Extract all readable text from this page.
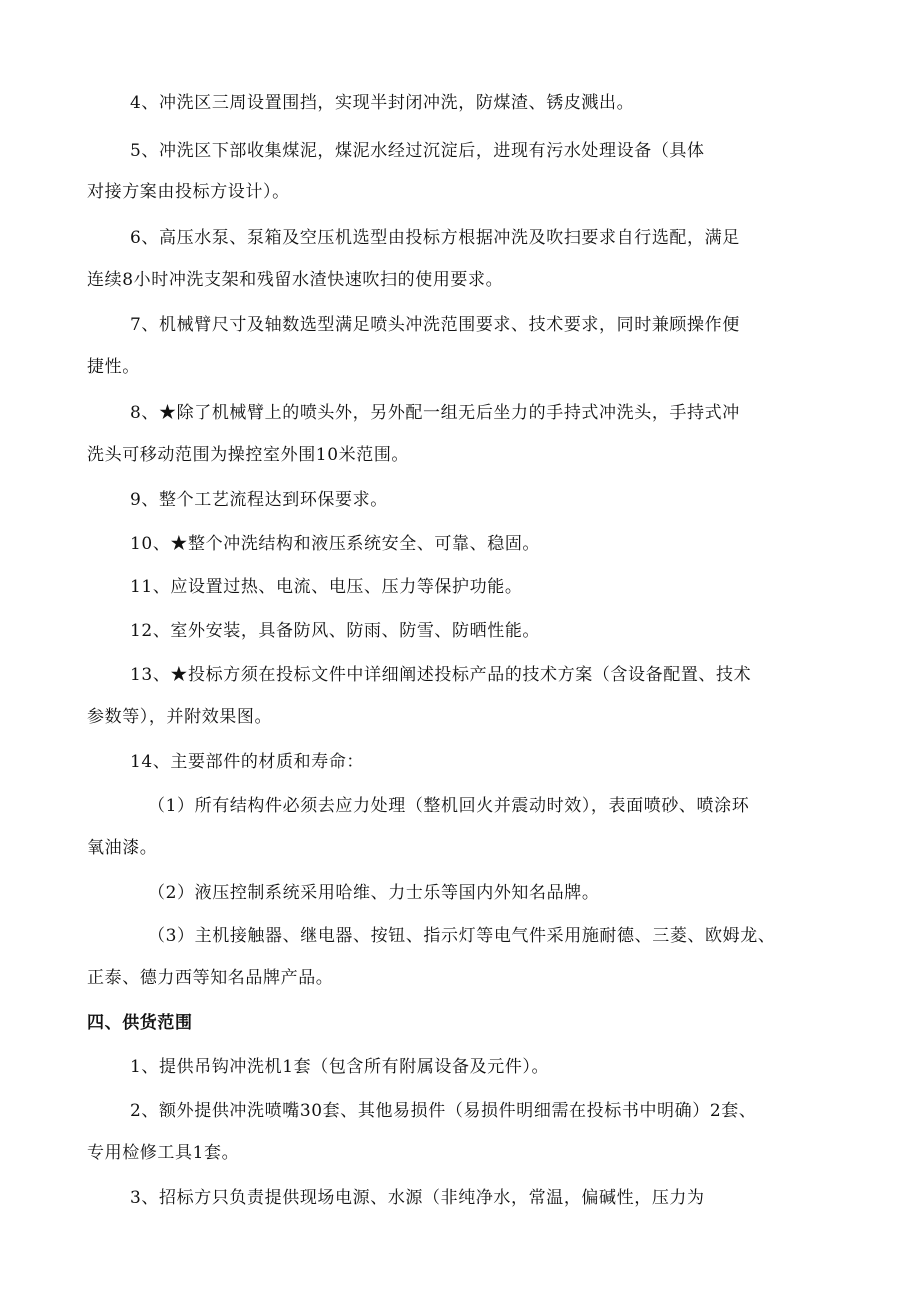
4、冲洗区三周设置围挡，实现半封闭冲洗，防煤渣、锈皮溅出。
5、冲洗区下部收集煤泥，煤泥水经过沉淀后，进现有污水处理设备（具体
对接方案由投标方设计）。
6、高压水泵、泵箱及空压机选型由投标方根据冲洗及吹扫要求自行选配，满足
连续8小时冲洗支架和残留水渣快速吹扫的使用要求。
7、机械臂尺寸及轴数选型满足喷头冲洗范围要求、技术要求，同时兼顾操作便
捷性。
8、★除了机械臂上的喷头外，另外配一组无后坐力的手持式冲洗头，手持式冲
洗头可移动范围为操控室外围10米范围。
9、整个工艺流程达到环保要求。
10、★整个冲洗结构和液压系统安全、可靠、稳固。
11、应设置过热、电流、电压、压力等保护功能。
12、室外安装，具备防风、防雨、防雪、防晒性能。
13、★投标方须在投标文件中详细阐述投标产品的技术方案（含设备配置、技术
参数等），并附效果图。
14、主要部件的材质和寿命：
（1）所有结构件必须去应力处理（整机回火并震动时效），表面喷砂、喷涂环
氧油漆。
（2）液压控制系统采用哈维、力士乐等国内外知名品牌。
（3）主机接触器、继电器、按钮、指示灯等电气件采用施耐德、三菱、欧姆龙、
正泰、德力西等知名品牌产品。
四、供货范围
1、提供吊钩冲洗机1套（包含所有附属设备及元件）。
2、额外提供冲洗喷嘴30套、其他易损件（易损件明细需在投标书中明确）2套、
专用检修工具1套。
3、招标方只负责提供现场电源、水源（非纯净水，常温，偏碱性，压力为
